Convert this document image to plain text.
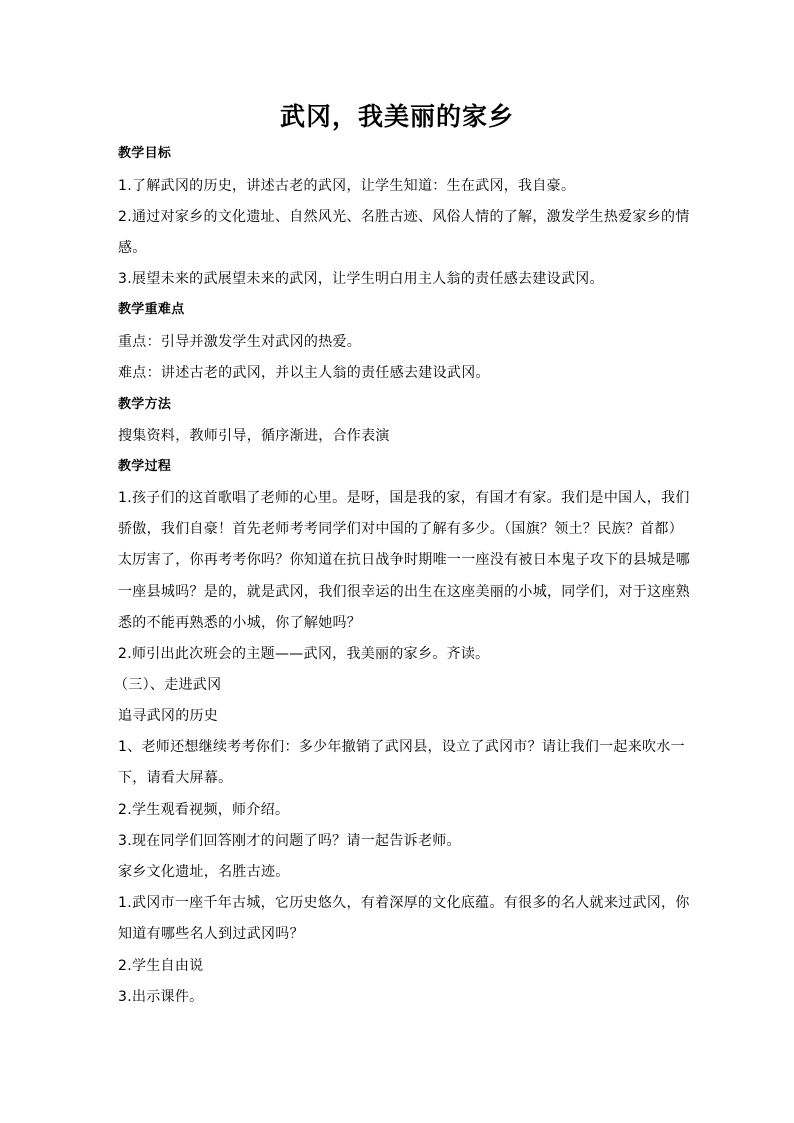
武冈，我美丽的家乡
教学目标
1.了解武冈的历史，讲述古老的武冈，让学生知道：生在武冈，我自豪。
2.通过对家乡的文化遗址、自然风光、名胜古迹、风俗人情的了解，激发学生热爱家乡的情
感。
3.展望未来的武展望未来的武冈，让学生明白用主人翁的责任感去建设武冈。
教学重难点
重点：引导并激发学生对武冈的热爱。
难点：讲述古老的武冈，并以主人翁的责任感去建设武冈。
教学方法
搜集资料，教师引导，循序渐进，合作表演
教学过程
1.孩子们的这首歌唱了老师的心里。是呀，国是我的家，有国才有家。我们是中国人，我们
骄傲，我们自豪！首先老师考考同学们对中国的了解有多少。（国旗？领土？民族？首都）
太厉害了，你再考考你吗？你知道在抗日战争时期唯一一座没有被日本鬼子攻下的县城是哪
一座县城吗？是的，就是武冈，我们很幸运的出生在这座美丽的小城，同学们，对于这座熟
悉的不能再熟悉的小城，你了解她吗？
2.师引出此次班会的主题——武冈，我美丽的家乡。齐读。
（三）、走进武冈
追寻武冈的历史
1、老师还想继续考考你们：多少年撤销了武冈县，设立了武冈市？请让我们一起来吹水一
下，请看大屏幕。
2.学生观看视频，师介绍。
3.现在同学们回答刚才的问题了吗？请一起告诉老师。
家乡文化遗址，名胜古迹。
1.武冈市一座千年古城，它历史悠久，有着深厚的文化底蕴。有很多的名人就来过武冈，你
知道有哪些名人到过武冈吗？
2.学生自由说
3.出示课件。
